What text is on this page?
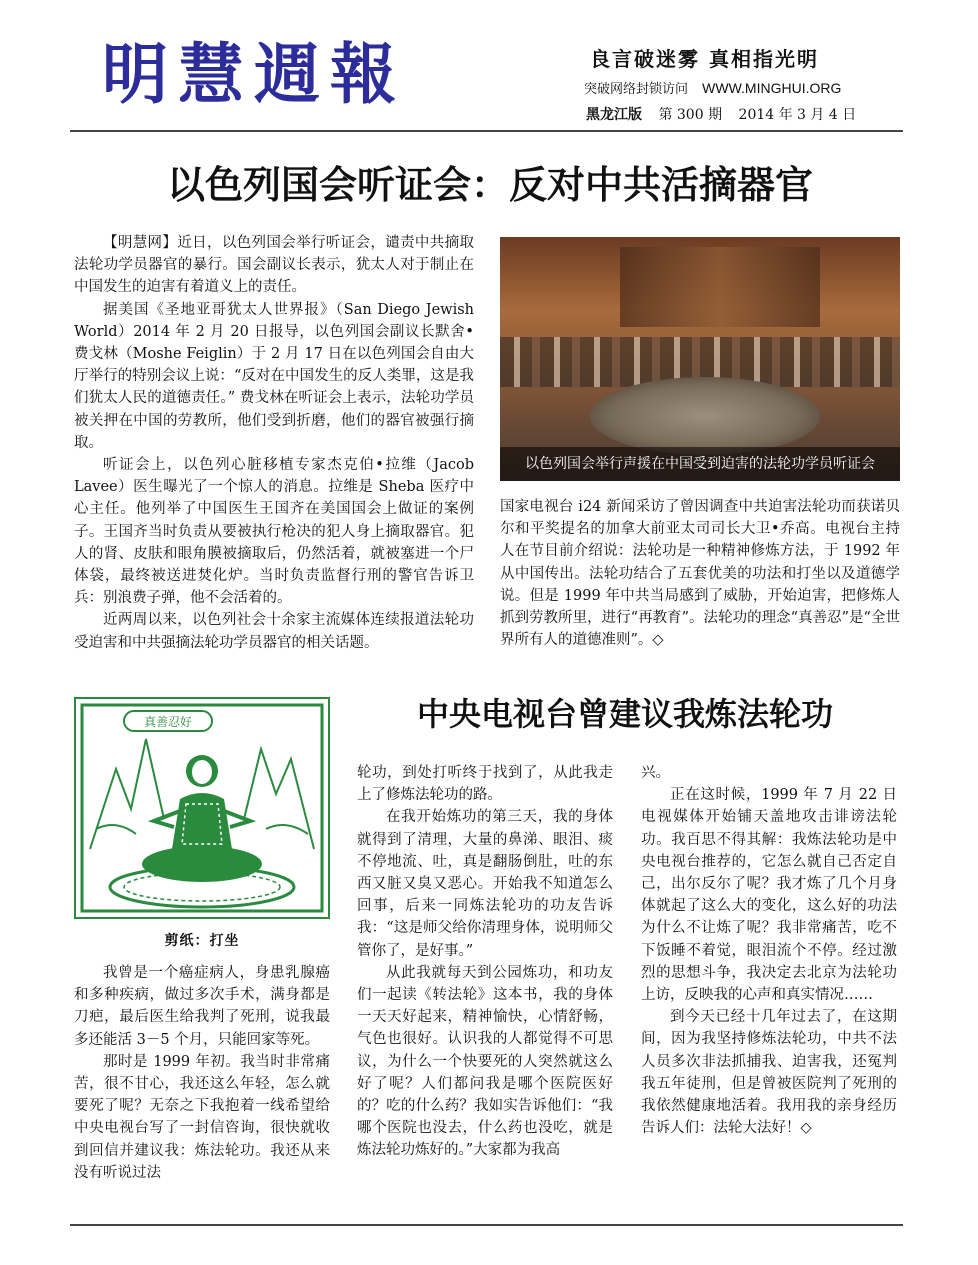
明慧週報	良言破迷雾 真相指光明
突破网络封锁访问 WWW.MINGHUI.ORG
黑龙江版 第 300 期 2014 年 3 月 4 日
以色列国会听证会：反对中共活摘器官

【明慧网】近日，以色列国会举行听证会，谴责中共摘取法轮功学员器官的暴行。国会副议长表示，犹太人对于制止在中国发生的迫害有着道义上的责任。

据美国《圣地亚哥犹太人世界报》（San Diego Jewish World）2014 年 2 月 20 日报导，以色列国会副议长默舍•费戈林（Moshe Feiglin）于 2 月 17 日在以色列国会自由大厅举行的特别会议上说：“反对在中国发生的反人类罪，这是我们犹太人民的道德责任。” 费戈林在听证会上表示，法轮功学员被关押在中国的劳教所，他们受到折磨，他们的器官被强行摘取。

听证会上，以色列心脏移植专家杰克伯•拉维（Jacob Lavee）医生曝光了一个惊人的消息。拉维是 Sheba 医疗中心主任。他列举了中国医生王国齐在美国国会上做证的案例子。王国齐当时负责从要被执行枪决的犯人身上摘取器官。犯人的肾、皮肤和眼角膜被摘取后，仍然活着，就被塞进一个尸体袋，最终被送进焚化炉。当时负责监督行刑的警官告诉卫兵：别浪费子弹，他不会活着的。

近两周以来，以色列社会十余家主流媒体连续报道法轮功受迫害和中共强摘法轮功学员器官的相关话题。

以色列国会举行声援在中国受到迫害的法轮功学员听证会

国家电视台 i24 新闻采访了曾因调查中共迫害法轮功而获诺贝尔和平奖提名的加拿大前亚太司司长大卫•乔高。电视台主持人在节目前介绍说：法轮功是一种精神修炼方法，于 1992 年从中国传出。法轮功结合了五套优美的功法和打坐以及道德学说。但是 1999 年中共当局感到了威胁，开始迫害，把修炼人抓到劳教所里，进行“再教育”。法轮功的理念“真善忍”是“全世界所有人的道德准则”。◇

真善忍好
剪纸：打坐
中央电视台曾建议我炼法轮功

我曾是一个癌症病人，身患乳腺癌和多种疾病，做过多次手术，满身都是刀疤，最后医生给我判了死刑，说我最多还能活 3－5 个月，只能回家等死。

那时是 1999 年初。我当时非常痛苦，很不甘心，我还这么年轻，怎么就要死了呢？无奈之下我抱着一线希望给中央电视台写了一封信咨询，很快就收到回信并建议我：炼法轮功。我还从来没有听说过法

轮功，到处打听终于找到了，从此我走上了修炼法轮功的路。

在我开始炼功的第三天，我的身体就得到了清理，大量的鼻涕、眼泪、痰不停地流、吐，真是翻肠倒肚，吐的东西又脏又臭又恶心。开始我不知道怎么回事，后来一同炼法轮功的功友告诉我：“这是师父给你清理身体，说明师父管你了，是好事。”

从此我就每天到公园炼功，和功友们一起读《转法轮》这本书，我的身体一天天好起来，精神愉快，心情舒畅，气色也很好。认识我的人都觉得不可思议，为什么一个快要死的人突然就这么好了呢？人们都问我是哪个医院医好的？吃的什么药？我如实告诉他们：“我哪个医院也没去，什么药也没吃，就是炼法轮功炼好的。”大家都为我高

兴。

正在这时候，1999 年 7 月 22 日电视媒体开始铺天盖地攻击诽谤法轮功。我百思不得其解：我炼法轮功是中央电视台推荐的，它怎么就自己否定自己，出尔反尔了呢？我才炼了几个月身体就起了这么大的变化，这么好的功法为什么不让炼了呢？我非常痛苦，吃不下饭睡不着觉，眼泪流个不停。经过激烈的思想斗争，我决定去北京为法轮功上访，反映我的心声和真实情况……

到今天已经十几年过去了，在这期间，因为我坚持修炼法轮功，中共不法人员多次非法抓捕我、迫害我，还冤判我五年徒刑，但是曾被医院判了死刑的我依然健康地活着。我用我的亲身经历告诉人们：法轮大法好！◇
